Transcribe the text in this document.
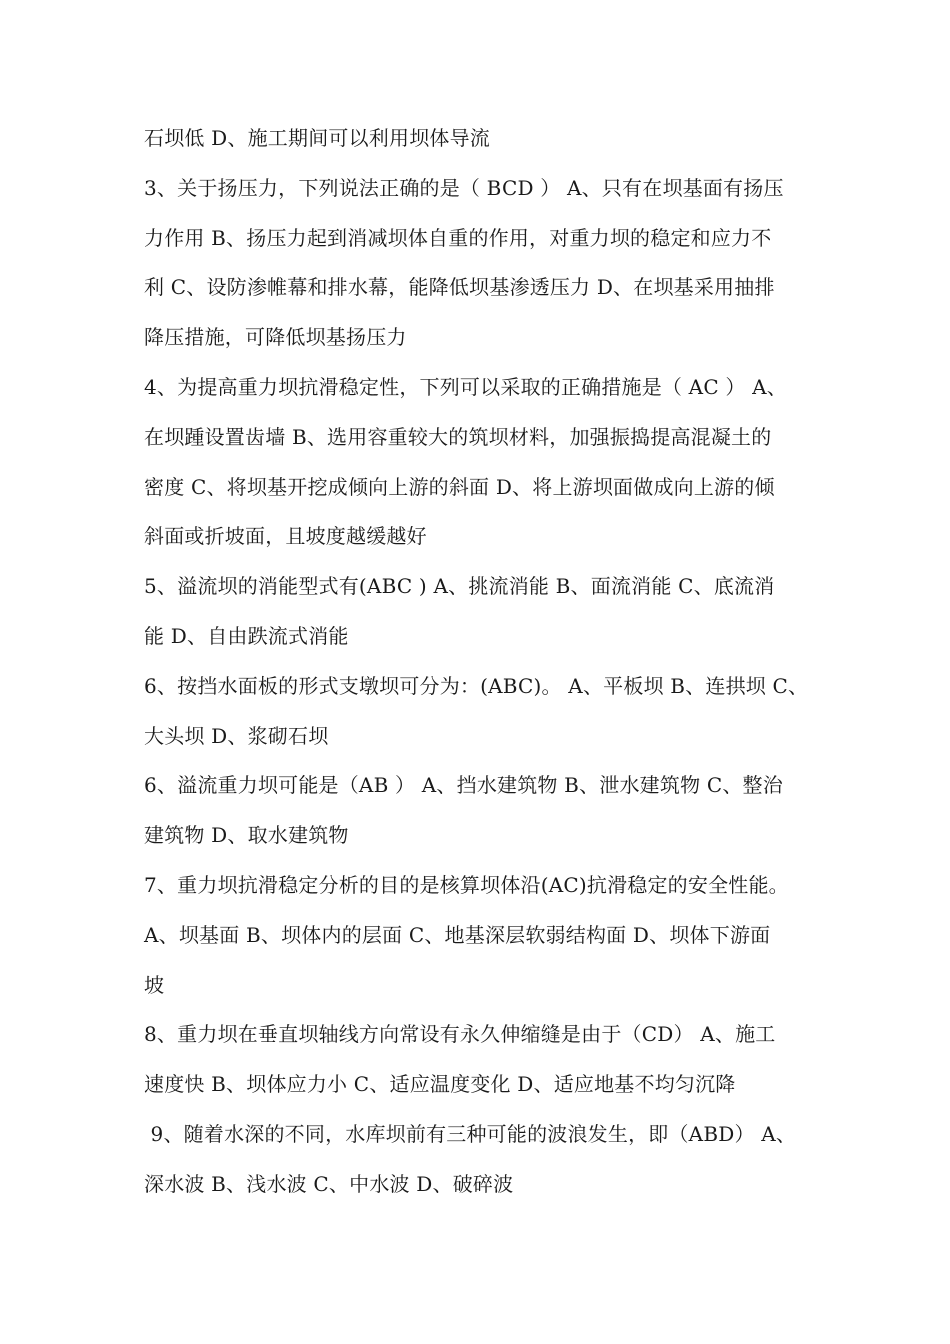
石坝低 D、施工期间可以利用坝体导流
3、关于扬压力，下列说法正确的是（ BCD ） A、只有在坝基面有扬压
力作用 B、扬压力起到消减坝体自重的作用，对重力坝的稳定和应力不
利 C、设防渗帷幕和排水幕，能降低坝基渗透压力 D、在坝基采用抽排
降压措施，可降低坝基扬压力
4、为提高重力坝抗滑稳定性，下列可以采取的正确措施是（ AC ） A、
在坝踵设置齿墙 B、选用容重较大的筑坝材料，加强振捣提高混凝土的
密度 C、将坝基开挖成倾向上游的斜面 D、将上游坝面做成向上游的倾
斜面或折坡面，且坡度越缓越好
5、溢流坝的消能型式有(ABC ) A、挑流消能 B、面流消能 C、底流消
能 D、自由跌流式消能
6、按挡水面板的形式支墩坝可分为：(ABC)。 A、平板坝 B、连拱坝 C、
大头坝 D、浆砌石坝
6、溢流重力坝可能是（AB ） A、挡水建筑物 B、泄水建筑物 C、整治
建筑物 D、取水建筑物
7、重力坝抗滑稳定分析的目的是核算坝体沿(AC)抗滑稳定的安全性能。
A、坝基面 B、坝体内的层面 C、地基深层软弱结构面 D、坝体下游面
坡
8、重力坝在垂直坝轴线方向常设有永久伸缩缝是由于（CD） A、施工
速度快 B、坝体应力小 C、适应温度变化 D、适应地基不均匀沉降
9、随着水深的不同，水库坝前有三种可能的波浪发生，即（ABD） A、
深水波 B、浅水波 C、中水波 D、破碎波
